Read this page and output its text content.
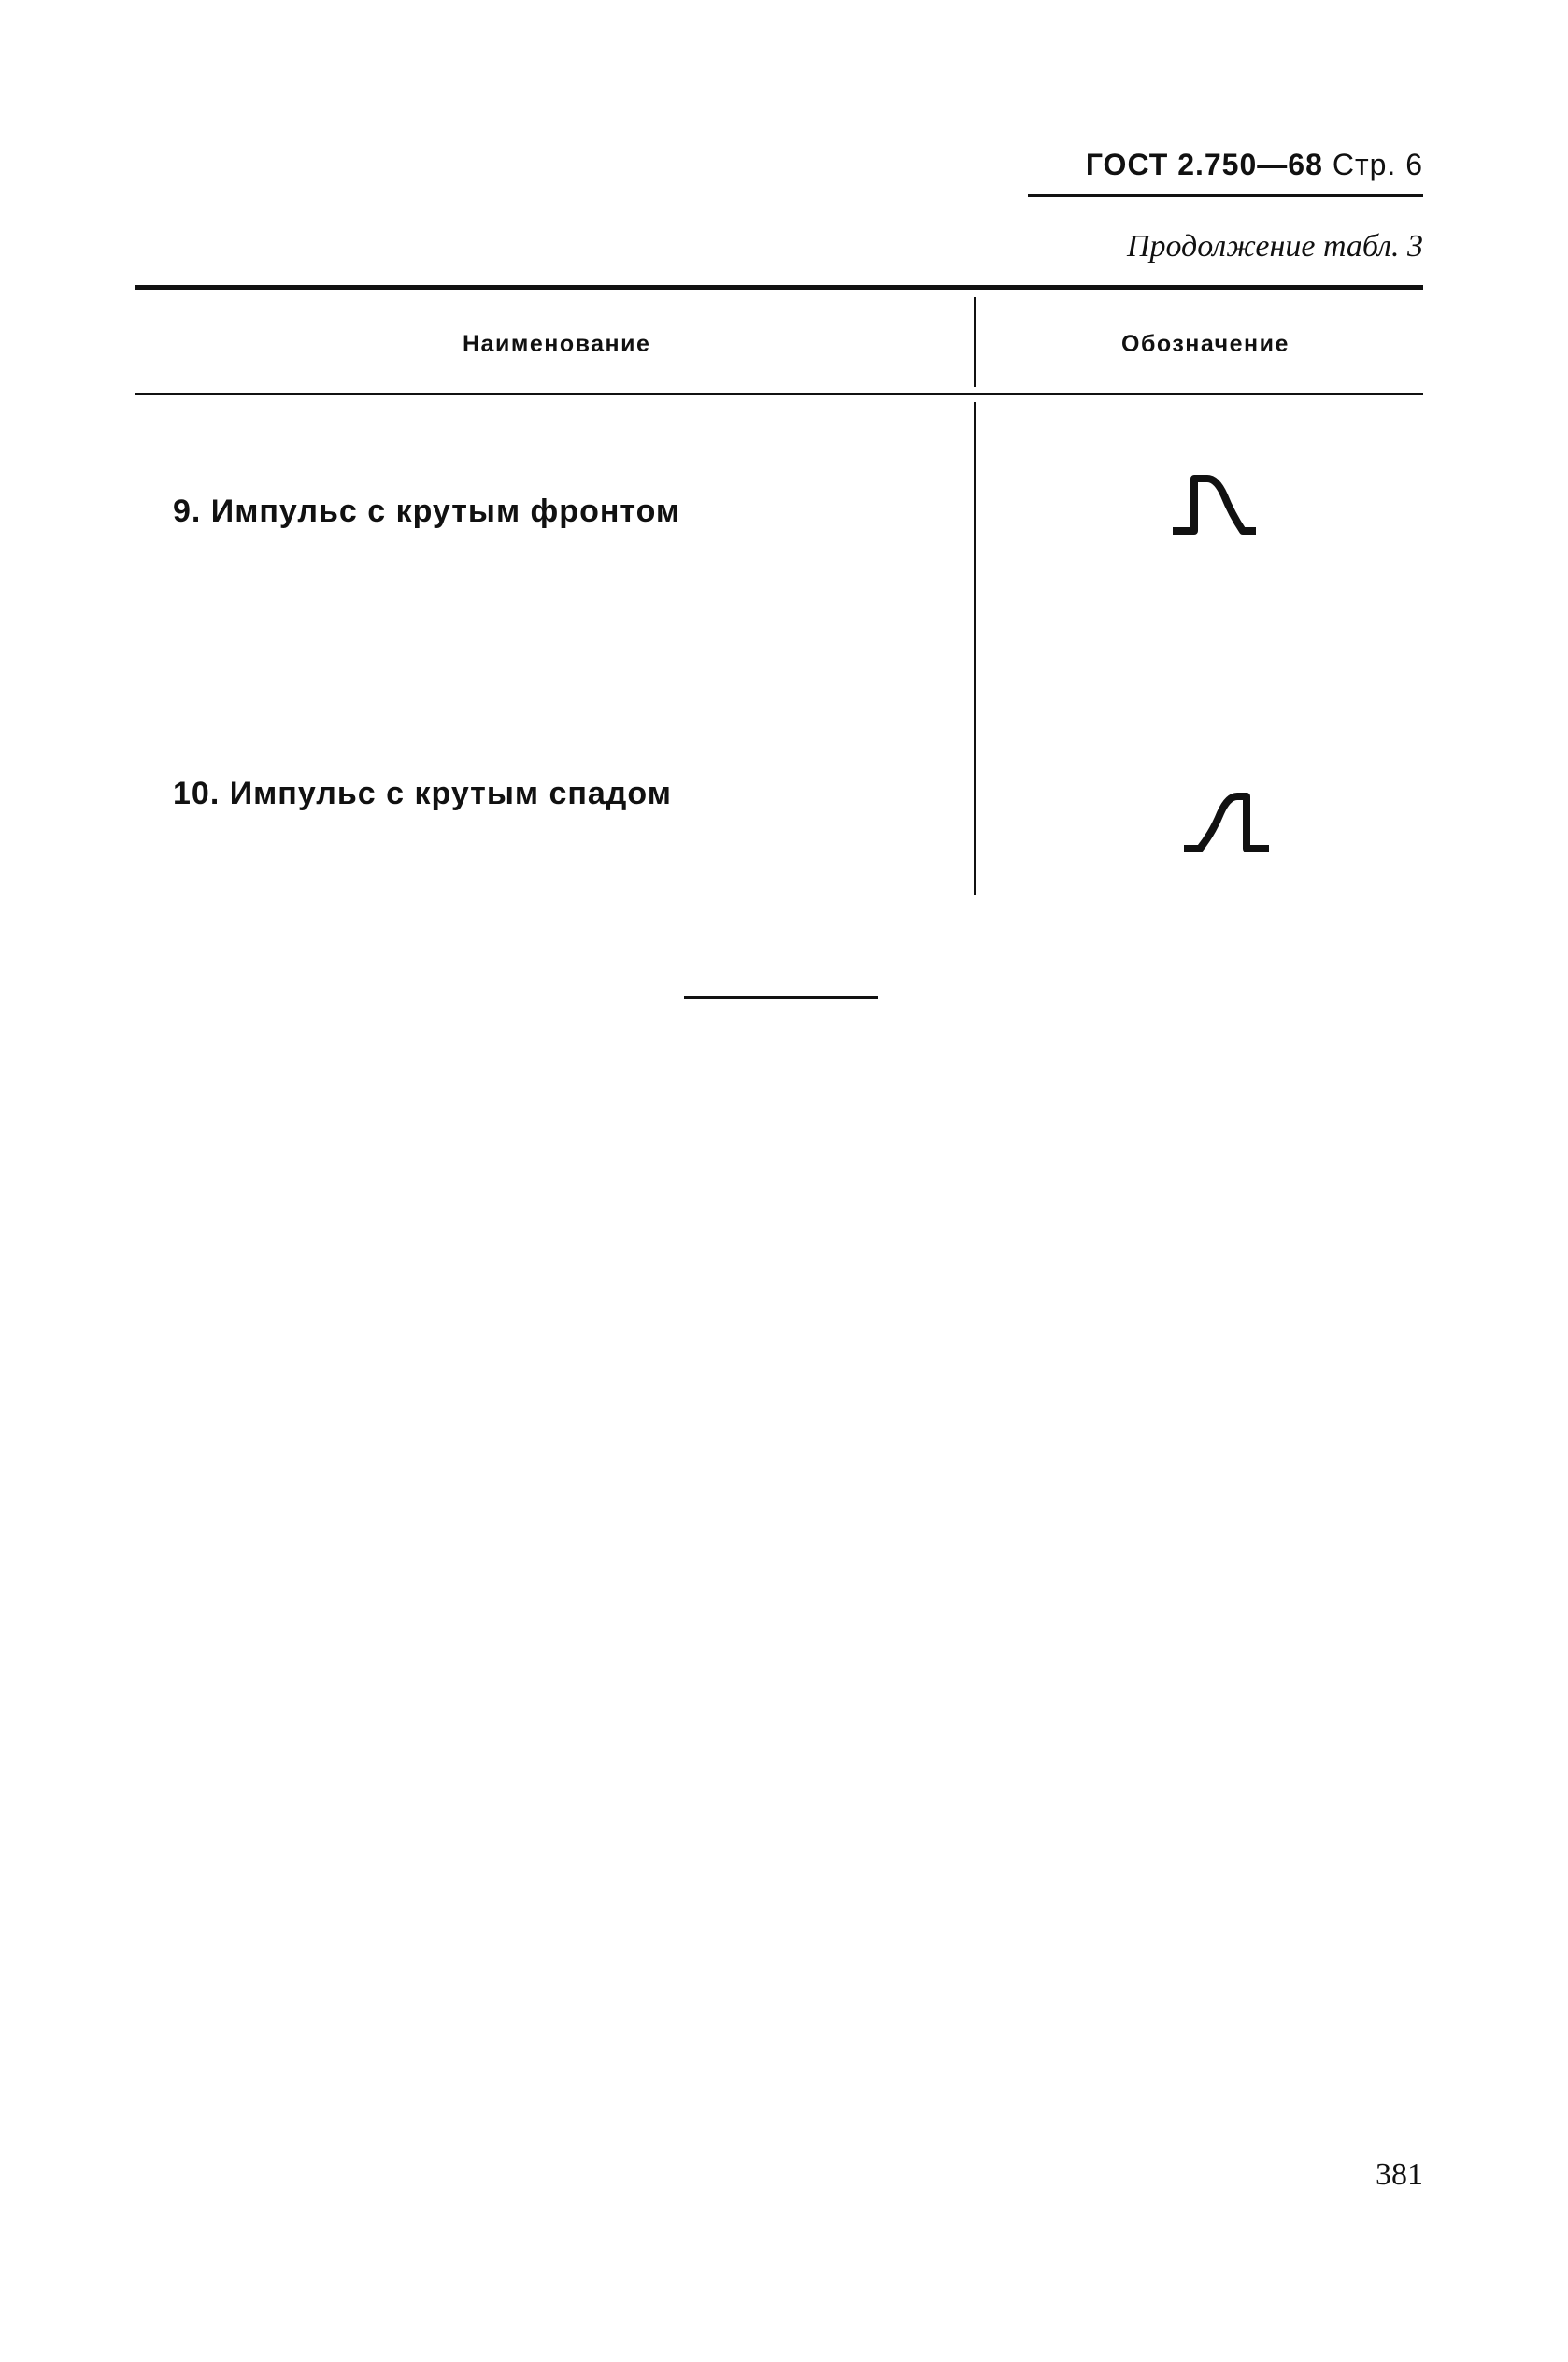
ГОСТ 2.750—68 Стр. 6
Продолжение табл. 3
Наименование	Обозначение
9. Импульс с крутым фронтом
10. Импульс с крутым спадом
381
